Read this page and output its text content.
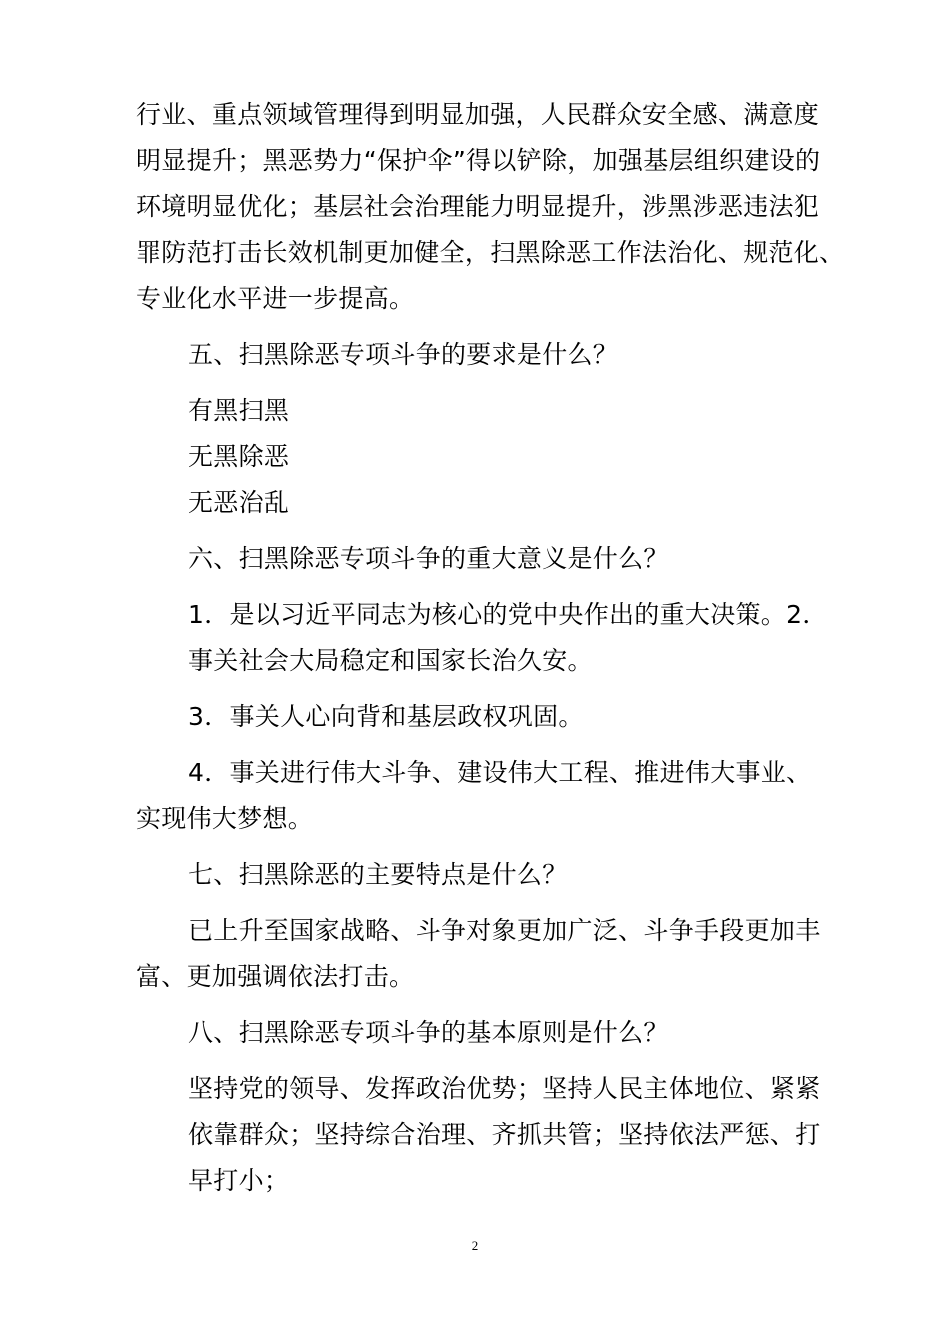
行业、重点领域管理得到明显加强，人民群众安全感、满意度
明显提升；黑恶势力“保护伞”得以铲除，加强基层组织建设的
环境明显优化；基层社会治理能力明显提升，涉黑涉恶违法犯
罪防范打击长效机制更加健全，扫黑除恶工作法治化、规范化、
专业化水平进一步提高。
五、扫黑除恶专项斗争的要求是什么？
有黑扫黑
无黑除恶
无恶治乱
六、扫黑除恶专项斗争的重大意义是什么？
1．是以习近平同志为核心的党中央作出的重大决策。2．
事关社会大局稳定和国家长治久安。
3．事关人心向背和基层政权巩固。
4．事关进行伟大斗争、建设伟大工程、推进伟大事业、
实现伟大梦想。
七、扫黑除恶的主要特点是什么？
已上升至国家战略、斗争对象更加广泛、斗争手段更加丰
富、更加强调依法打击。
八、扫黑除恶专项斗争的基本原则是什么？
坚持党的领导、发挥政治优势；坚持人民主体地位、紧紧
依靠群众；坚持综合治理、齐抓共管；坚持依法严惩、打
早打小；
2
